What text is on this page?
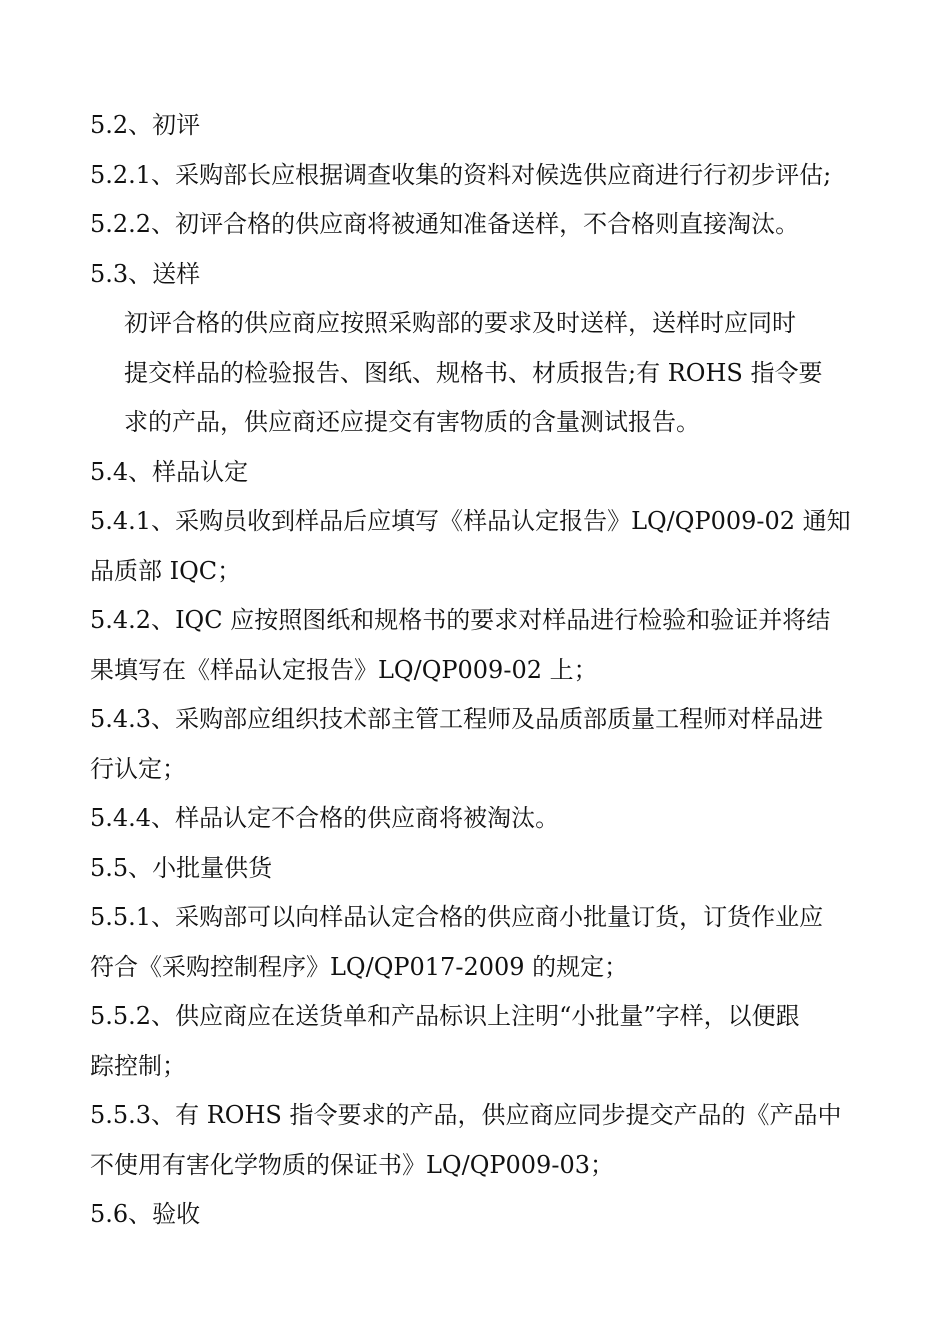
5.2、初评
5.2.1、采购部长应根据调查收集的资料对候选供应商进行行初步评估;
5.2.2、初评合格的供应商将被通知准备送样，不合格则直接淘汰。
5.3、送样
初评合格的供应商应按照采购部的要求及时送样，送样时应同时
提交样品的检验报告、图纸、规格书、材质报告;有 ROHS 指令要
求的产品，供应商还应提交有害物质的含量测试报告。
5.4、样品认定
5.4.1、采购员收到样品后应填写《样品认定报告》LQ/QP009-02 通知
品质部 IQC；
5.4.2、IQC 应按照图纸和规格书的要求对样品进行检验和验证并将结
果填写在《样品认定报告》LQ/QP009-02 上；
5.4.3、采购部应组织技术部主管工程师及品质部质量工程师对样品进
行认定；
5.4.4、样品认定不合格的供应商将被淘汰。
5.5、小批量供货
5.5.1、采购部可以向样品认定合格的供应商小批量订货，订货作业应
符合《采购控制程序》LQ/QP017-2009 的规定；
5.5.2、供应商应在送货单和产品标识上注明“小批量”字样，以便跟
踪控制；
5.5.3、有 ROHS 指令要求的产品，供应商应同步提交产品的《产品中
不使用有害化学物质的保证书》LQ/QP009-03；
5.6、验收
